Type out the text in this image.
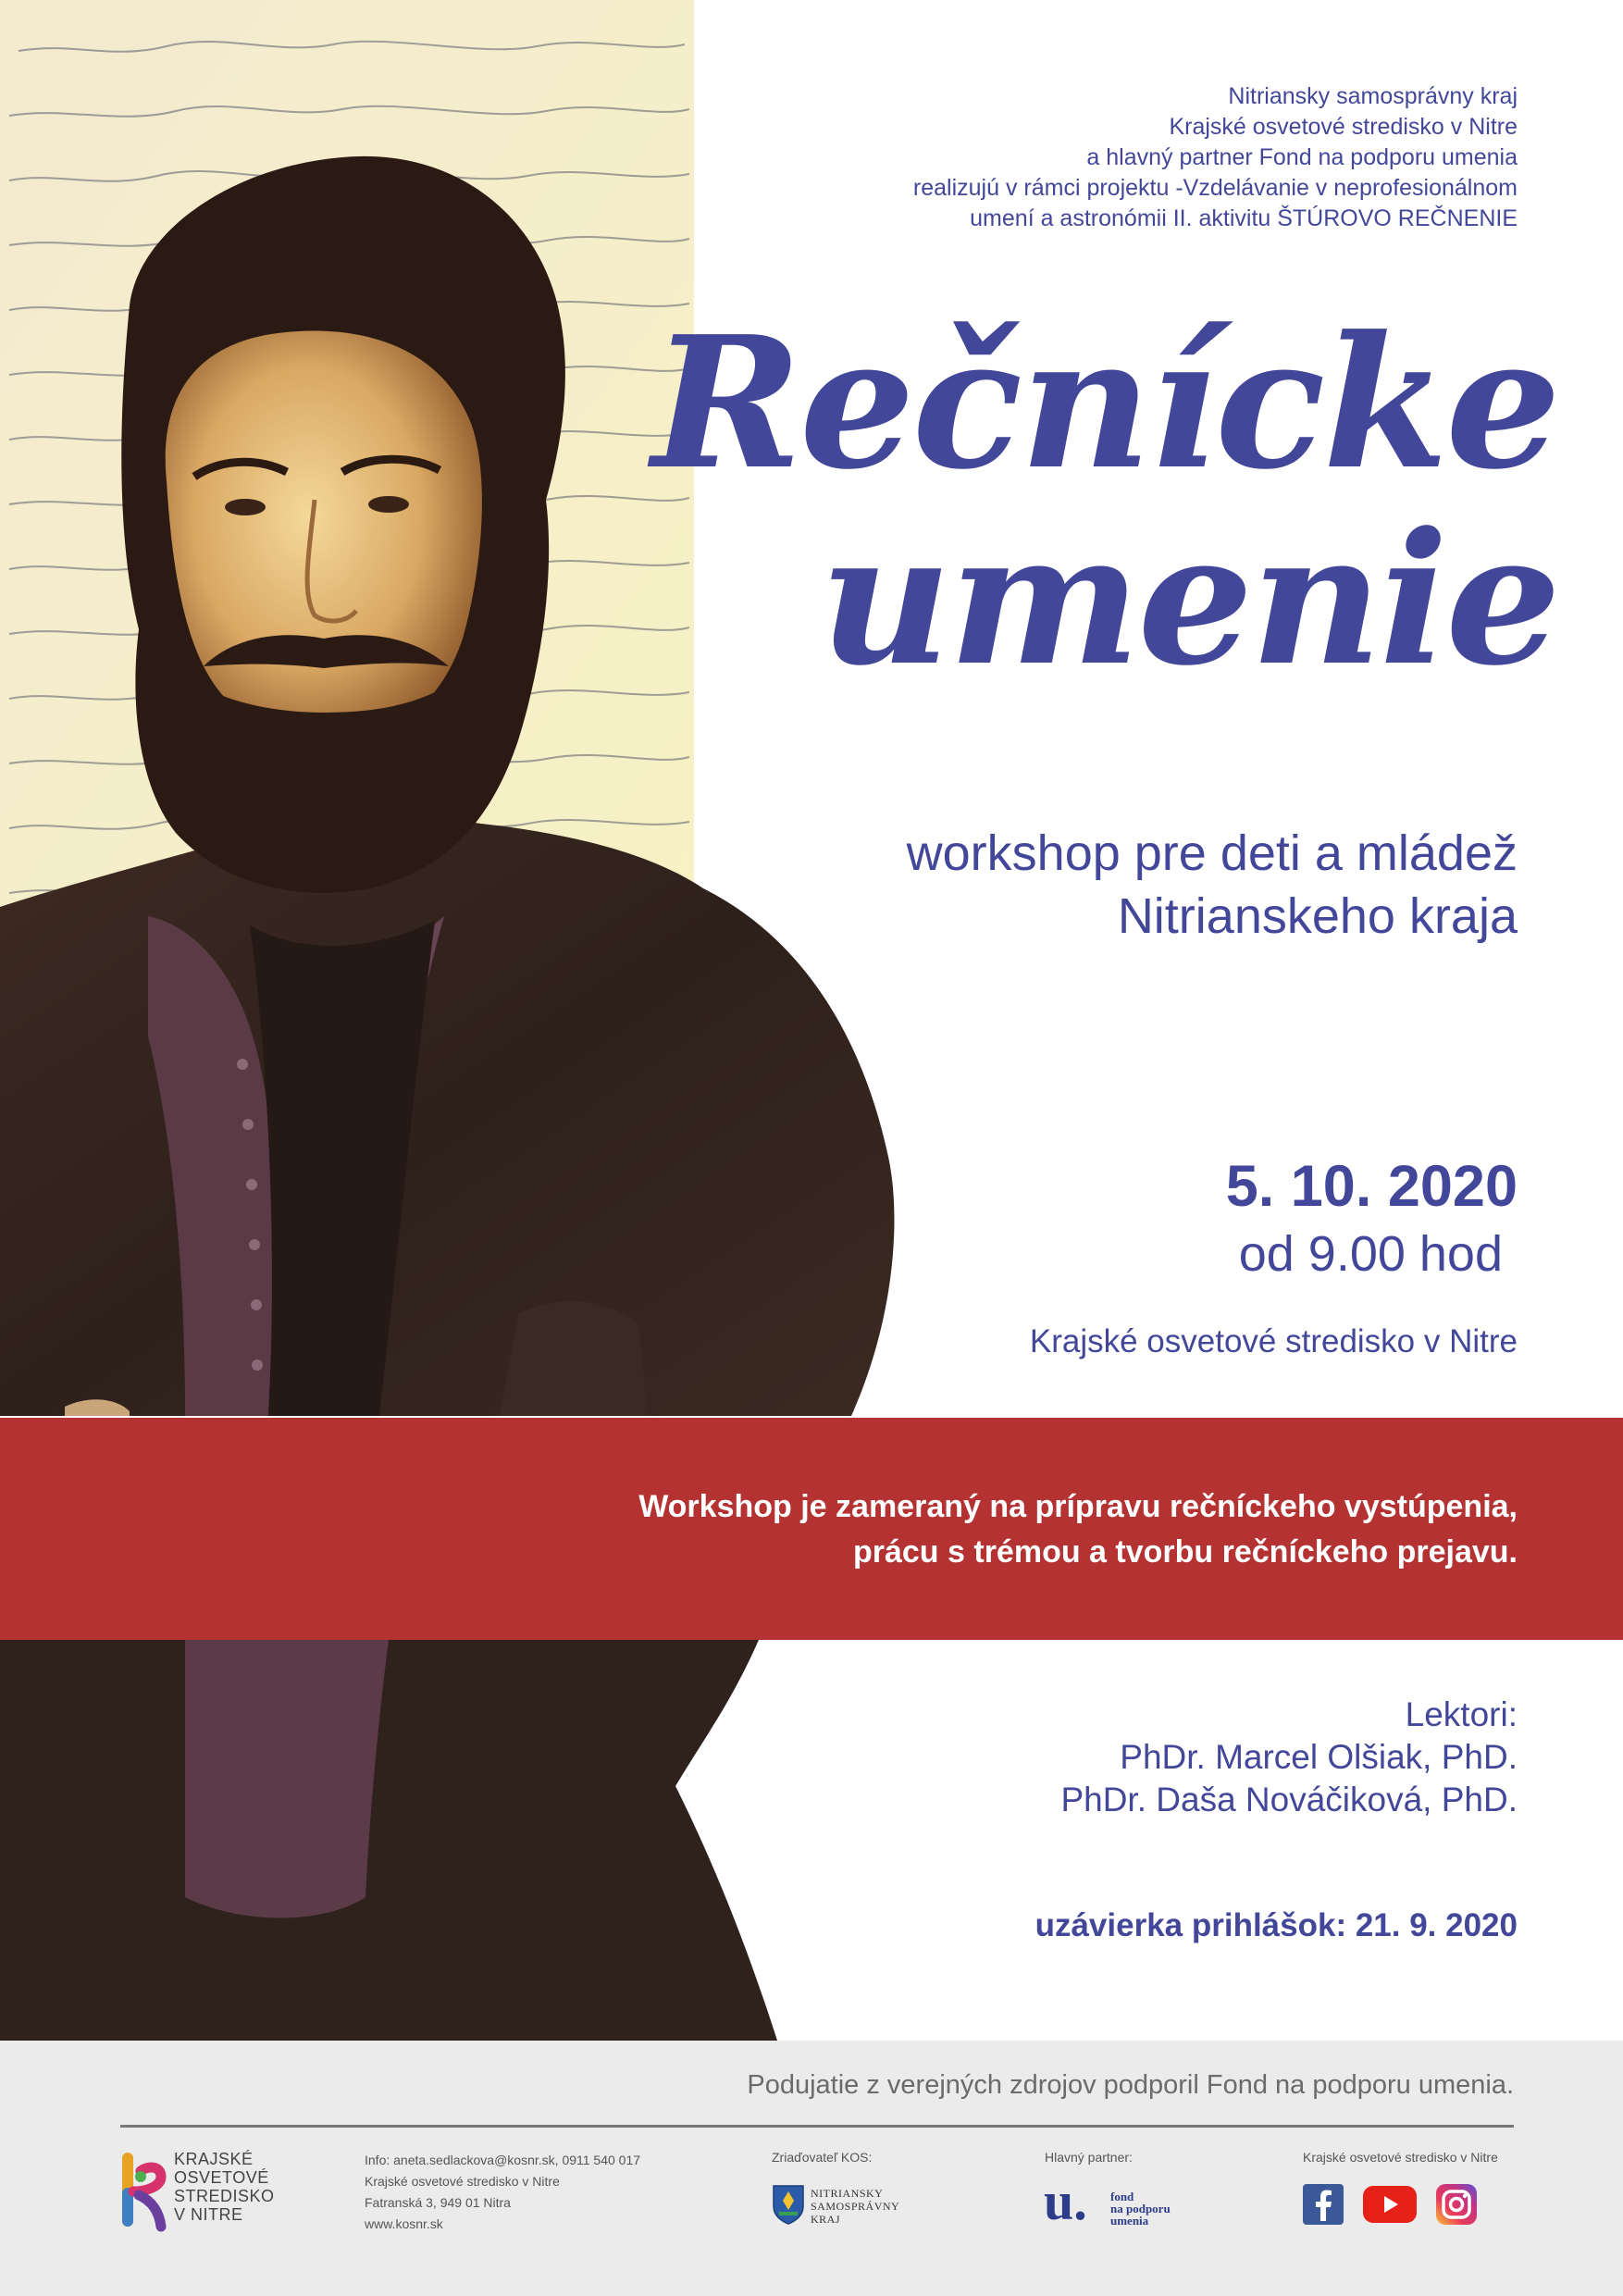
Nitriansky samosprávny kraj
Krajské osvetové stredisko v Nitre
a hlavný partner Fond na podporu umenia
realizujú v rámci projektu -Vzdelávanie v neprofesionálnom
umení a astronómii II. aktivitu ŠTÚROVO REČNENIE
Rečnícke
umenie
workshop pre deti a mládež
Nitrianskeho kraja
5. 10. 2020
od 9.00 hod
Krajské osvetové stredisko v Nitre
Workshop je zameraný na prípravu rečníckeho vystúpenia,
prácu s trémou a tvorbu rečníckeho prejavu.
Lektori:
PhDr. Marcel Olšiak, PhD.
PhDr. Daša Nováčiková, PhD.
uzávierka prihlášok: 21. 9. 2020
Podujatie z verejných zdrojov podporil Fond na podporu umenia.
KRAJSKÉ
OSVETOVÉ
STREDISKO
V NITRE
Info: aneta.sedlackova@kosnr.sk, 0911 540 017
Krajské osvetové stredisko v Nitre
Fatranská 3, 949 01 Nitra
www.kosnr.sk
Zriaďovateľ KOS:
NITRIANSKY
SAMOSPRÁVNY
KRAJ
Hlavný partner:
u. fond
na podporu
umenia
Krajské osvetové stredisko v Nitre
